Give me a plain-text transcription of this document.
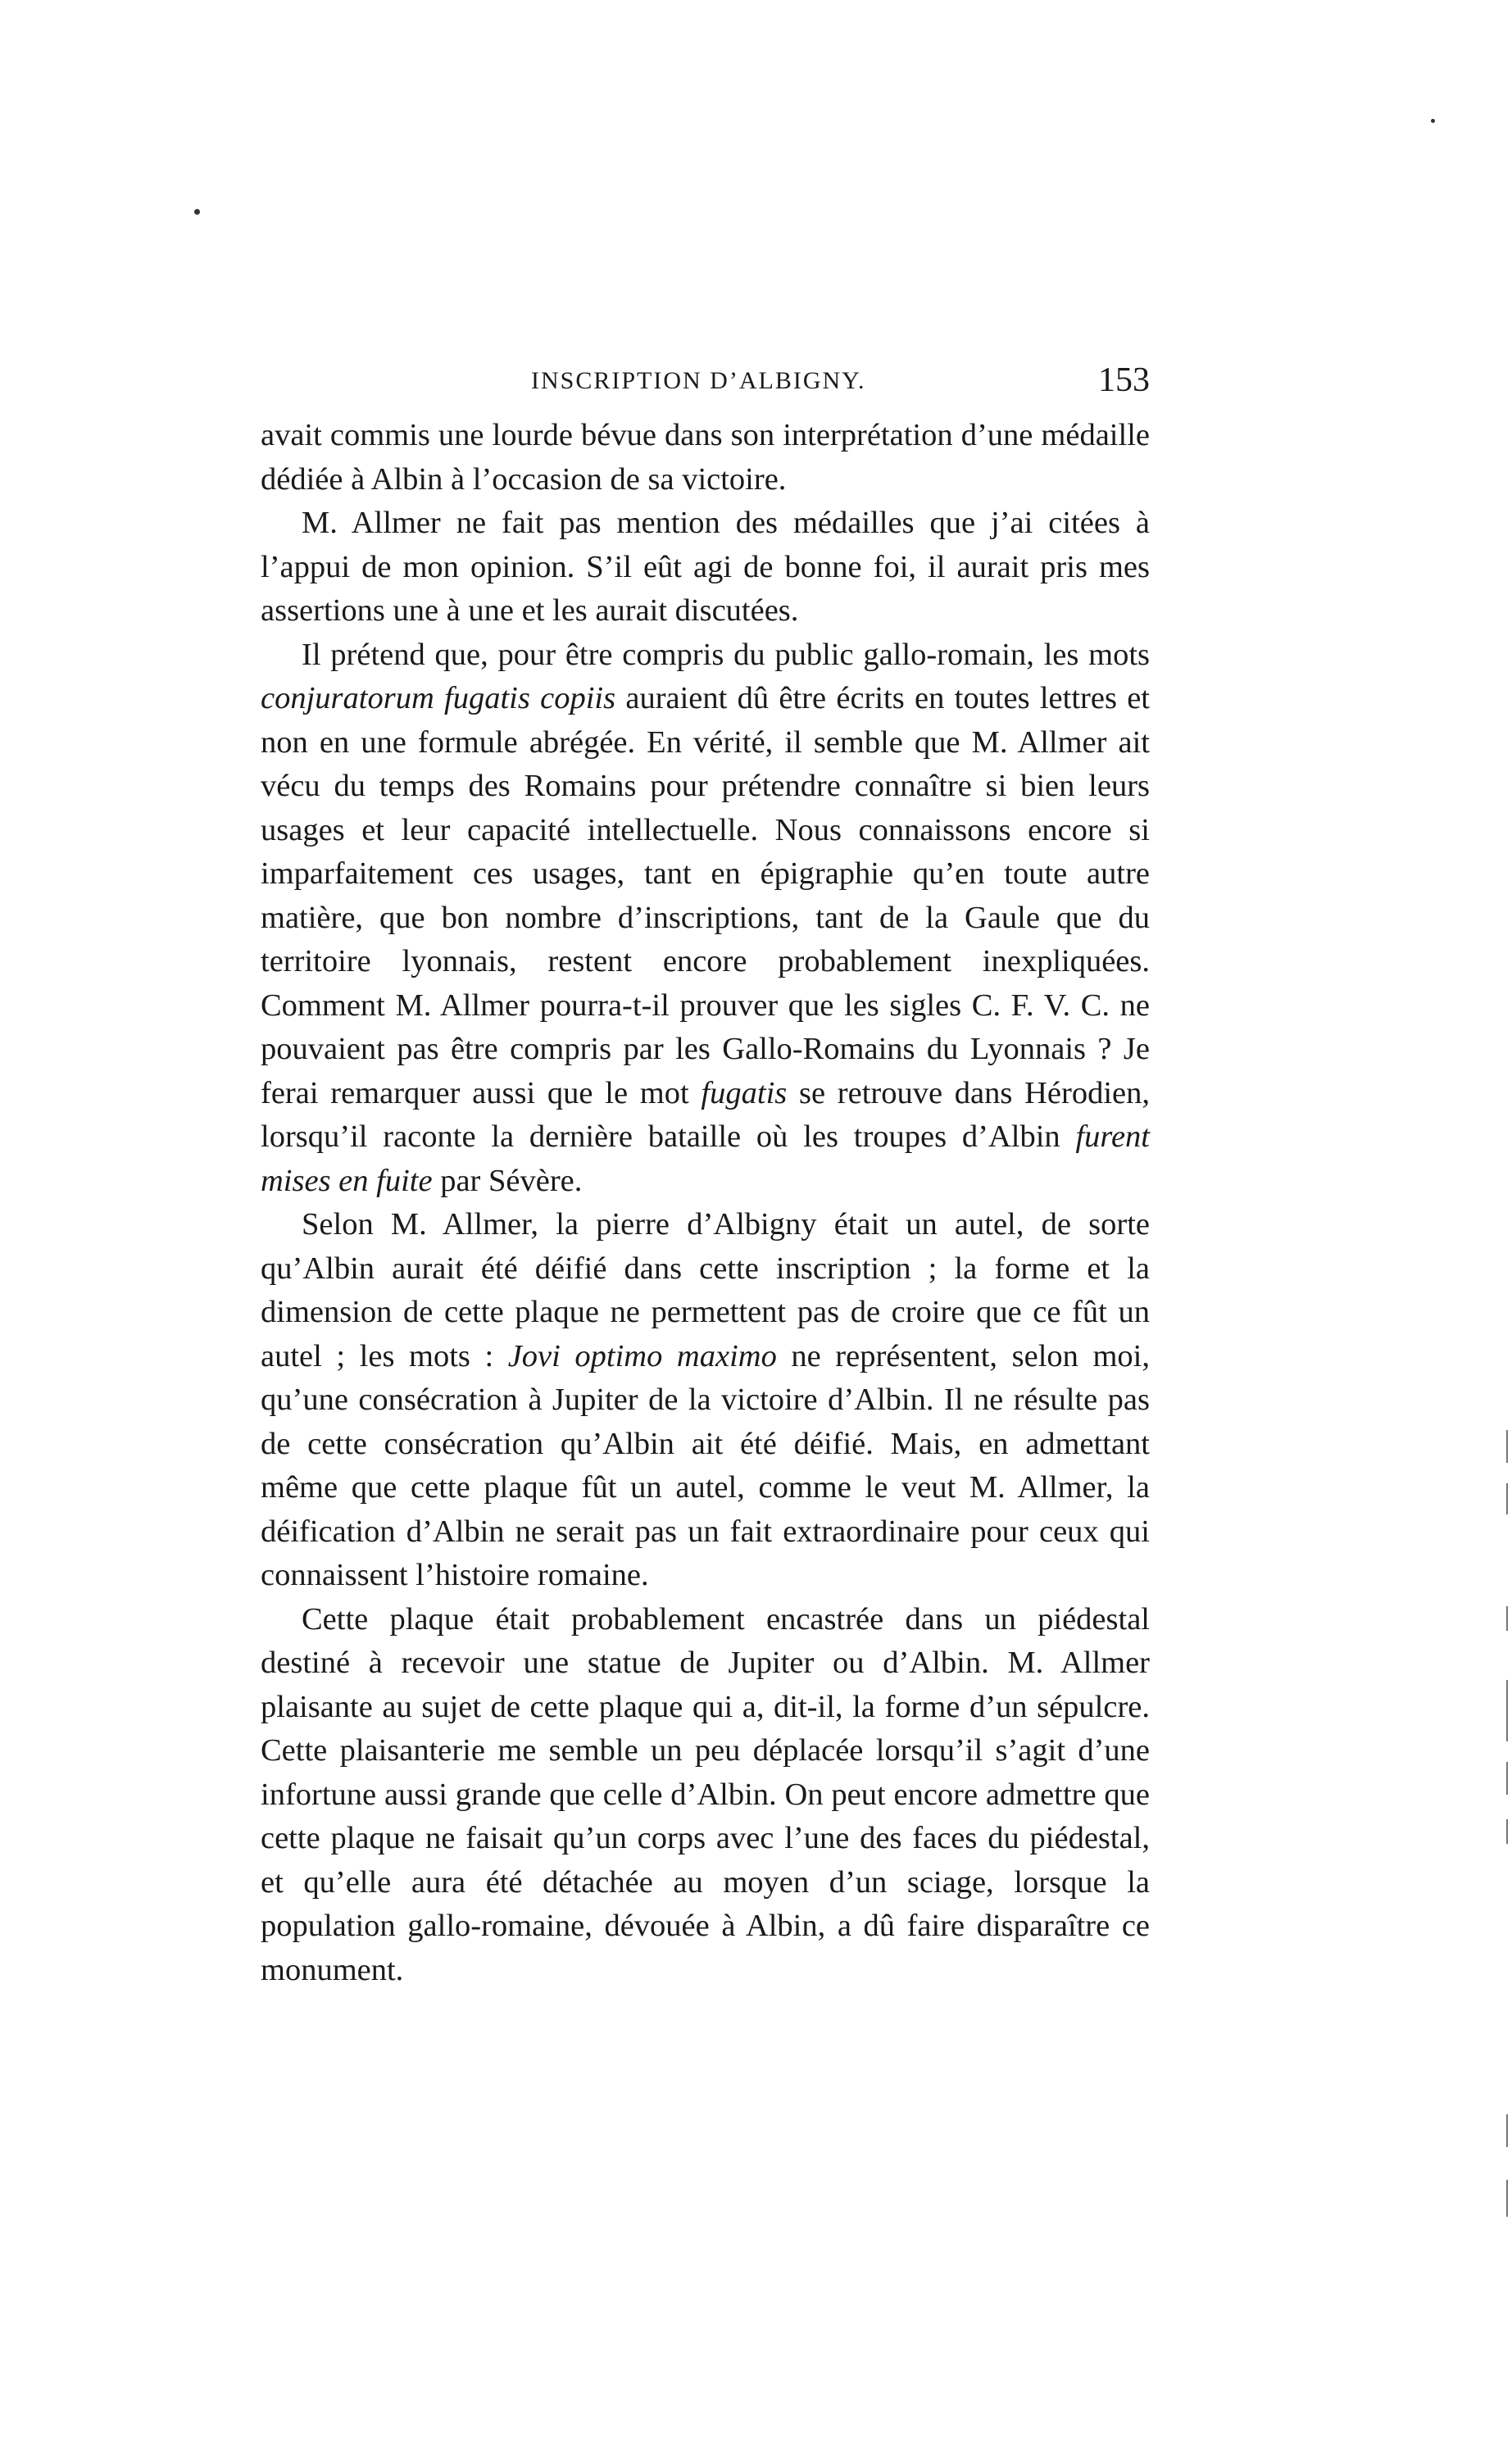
INSCRIPTION D’ALBIGNY.	153

avait commis une lourde bévue dans son interprétation d’une médaille dédiée à Albin à l’occasion de sa victoire.

M. Allmer ne fait pas mention des médailles que j’ai citées à l’appui de mon opinion. S’il eût agi de bonne foi, il aurait pris mes assertions une à une et les aurait discutées.

Il prétend que, pour être compris du public gallo-romain, les mots conjuratorum fugatis copiis auraient dû être écrits en toutes lettres et non en une formule abrégée. En vérité, il semble que M. Allmer ait vécu du temps des Romains pour prétendre connaître si bien leurs usages et leur capacité intellectuelle. Nous connaissons encore si imparfaitement ces usages, tant en épigraphie qu’en toute autre matière, que bon nombre d’inscriptions, tant de la Gaule que du territoire lyonnais, restent encore probablement inexpliquées. Comment M. Allmer pourra-t-il prouver que les sigles C. F. V. C. ne pouvaient pas être compris par les Gallo-Romains du Lyonnais ? Je ferai remarquer aussi que le mot fugatis se retrouve dans Hérodien, lorsqu’il raconte la dernière bataille où les troupes d’Albin furent mises en fuite par Sévère.

Selon M. Allmer, la pierre d’Albigny était un autel, de sorte qu’Albin aurait été déifié dans cette inscription ; la forme et la dimension de cette plaque ne permettent pas de croire que ce fût un autel ; les mots : Jovi optimo maximo ne représentent, selon moi, qu’une consécration à Jupiter de la victoire d’Albin. Il ne résulte pas de cette consécration qu’Albin ait été déifié. Mais, en admettant même que cette plaque fût un autel, comme le veut M. Allmer, la déification d’Albin ne serait pas un fait extraordinaire pour ceux qui connaissent l’histoire romaine.

Cette plaque était probablement encastrée dans un piédestal destiné à recevoir une statue de Jupiter ou d’Albin. M. Allmer plaisante au sujet de cette plaque qui a, dit-il, la forme d’un sépulcre. Cette plaisanterie me semble un peu déplacée lorsqu’il s’agit d’une infortune aussi grande que celle d’Albin. On peut encore admettre que cette plaque ne faisait qu’un corps avec l’une des faces du piédestal, et qu’elle aura été détachée au moyen d’un sciage, lorsque la population gallo-romaine, dévouée à Albin, a dû faire disparaître ce monument.
